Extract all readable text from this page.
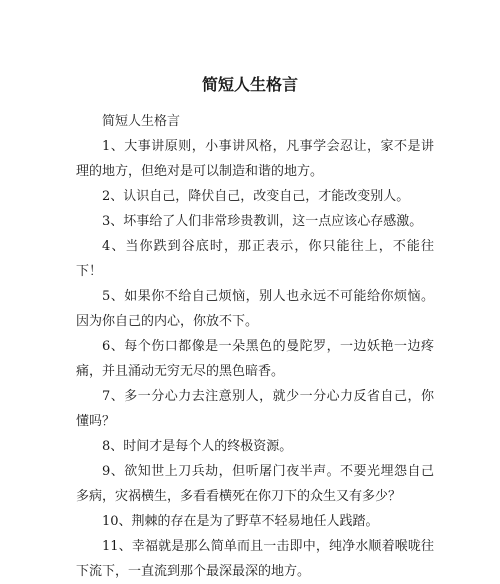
简短人生格言

简短人生格言

1、大事讲原则，小事讲风格，凡事学会忍让，家不是讲理的地方，但绝对是可以制造和谐的地方。

2、认识自己，降伏自己，改变自己，才能改变别人。

3、坏事给了人们非常珍贵教训，这一点应该心存感激。

4、当你跌到谷底时，那正表示，你只能往上，不能往下！

5、如果你不给自己烦恼，别人也永远不可能给你烦恼。因为你自己的内心，你放不下。

6、每个伤口都像是一朵黑色的曼陀罗，一边妖艳一边疼痛，并且涌动无穷无尽的黑色暗香。

7、多一分心力去注意别人，就少一分心力反省自己，你懂吗？

8、时间才是每个人的终极资源。

9、欲知世上刀兵劫，但听屠门夜半声。不要光埋怨自己多病，灾祸横生，多看看横死在你刀下的众生又有多少？

10、荆棘的存在是为了野草不轻易地任人践踏。

11、幸福就是那么简单而且一击即中，纯净水顺着喉咙往下流下，一直流到那个最深最深的地方。
